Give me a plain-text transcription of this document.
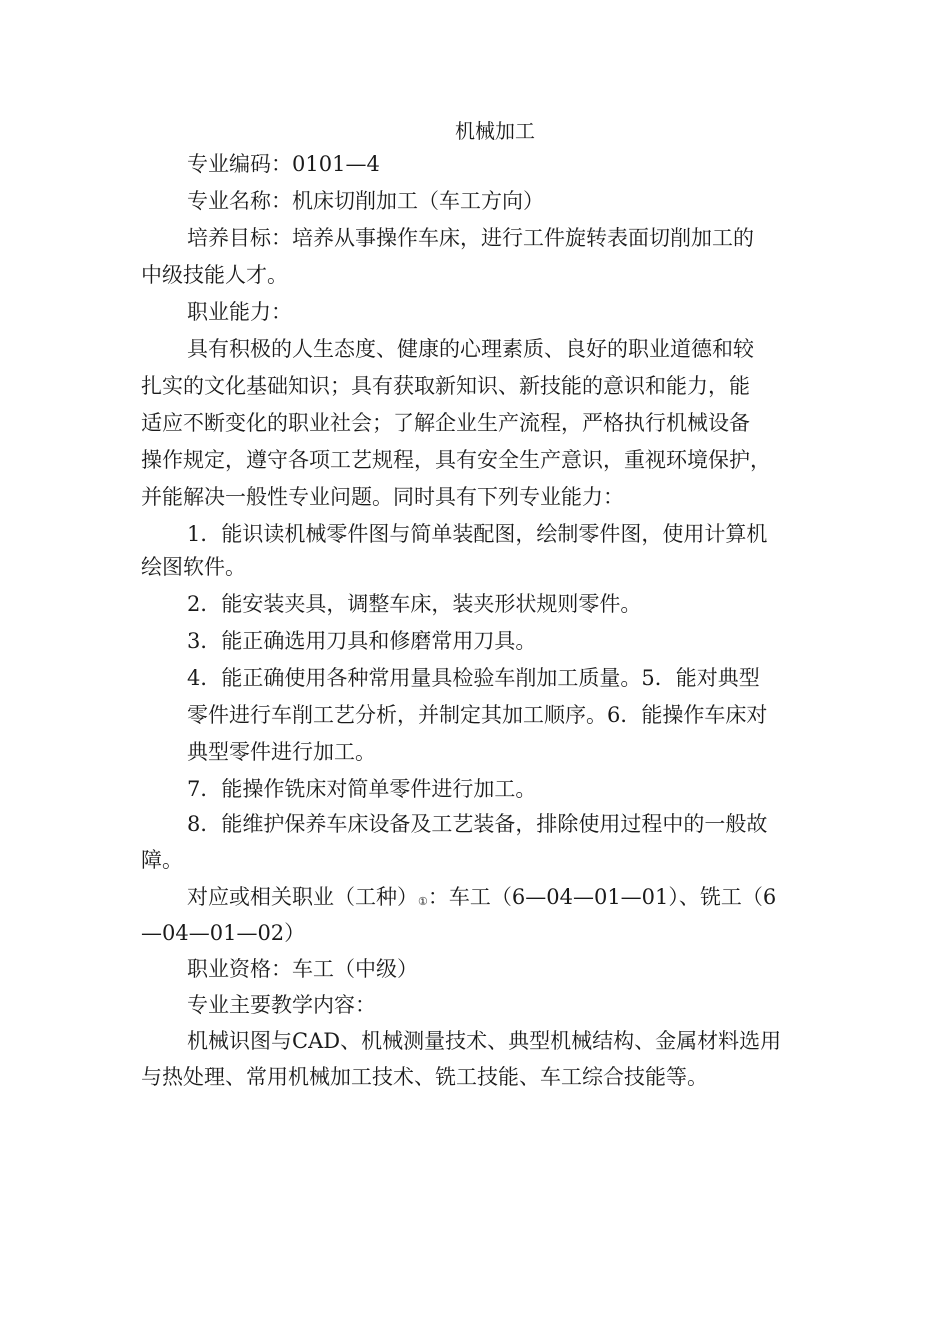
机械加工
专业编码：0101—4
专业名称：机床切削加工（车工方向）
培养目标：培养从事操作车床，进行工件旋转表面切削加工的
中级技能人才。
职业能力：
具有积极的人生态度、健康的心理素质、良好的职业道德和较
扎实的文化基础知识；具有获取新知识、新技能的意识和能力，能
适应不断变化的职业社会；了解企业生产流程，严格执行机械设备
操作规定，遵守各项工艺规程，具有安全生产意识，重视环境保护，
并能解决一般性专业问题。同时具有下列专业能力：
1．能识读机械零件图与简单装配图，绘制零件图，使用计算机
绘图软件。
2．能安装夹具，调整车床，装夹形状规则零件。
3．能正确选用刀具和修磨常用刀具。
4．能正确使用各种常用量具检验车削加工质量。5．能对典型
零件进行车削工艺分析，并制定其加工顺序。6．能操作车床对
典型零件进行加工。
7．能操作铣床对简单零件进行加工。
8．能维护保养车床设备及工艺装备，排除使用过程中的一般故
障。
对应或相关职业（工种）①：车工（6—04—01—01）、铣工（6
—04—01—02）
职业资格：车工（中级）
专业主要教学内容：
机械识图与CAD、机械测量技术、典型机械结构、金属材料选用
与热处理、常用机械加工技术、铣工技能、车工综合技能等。
